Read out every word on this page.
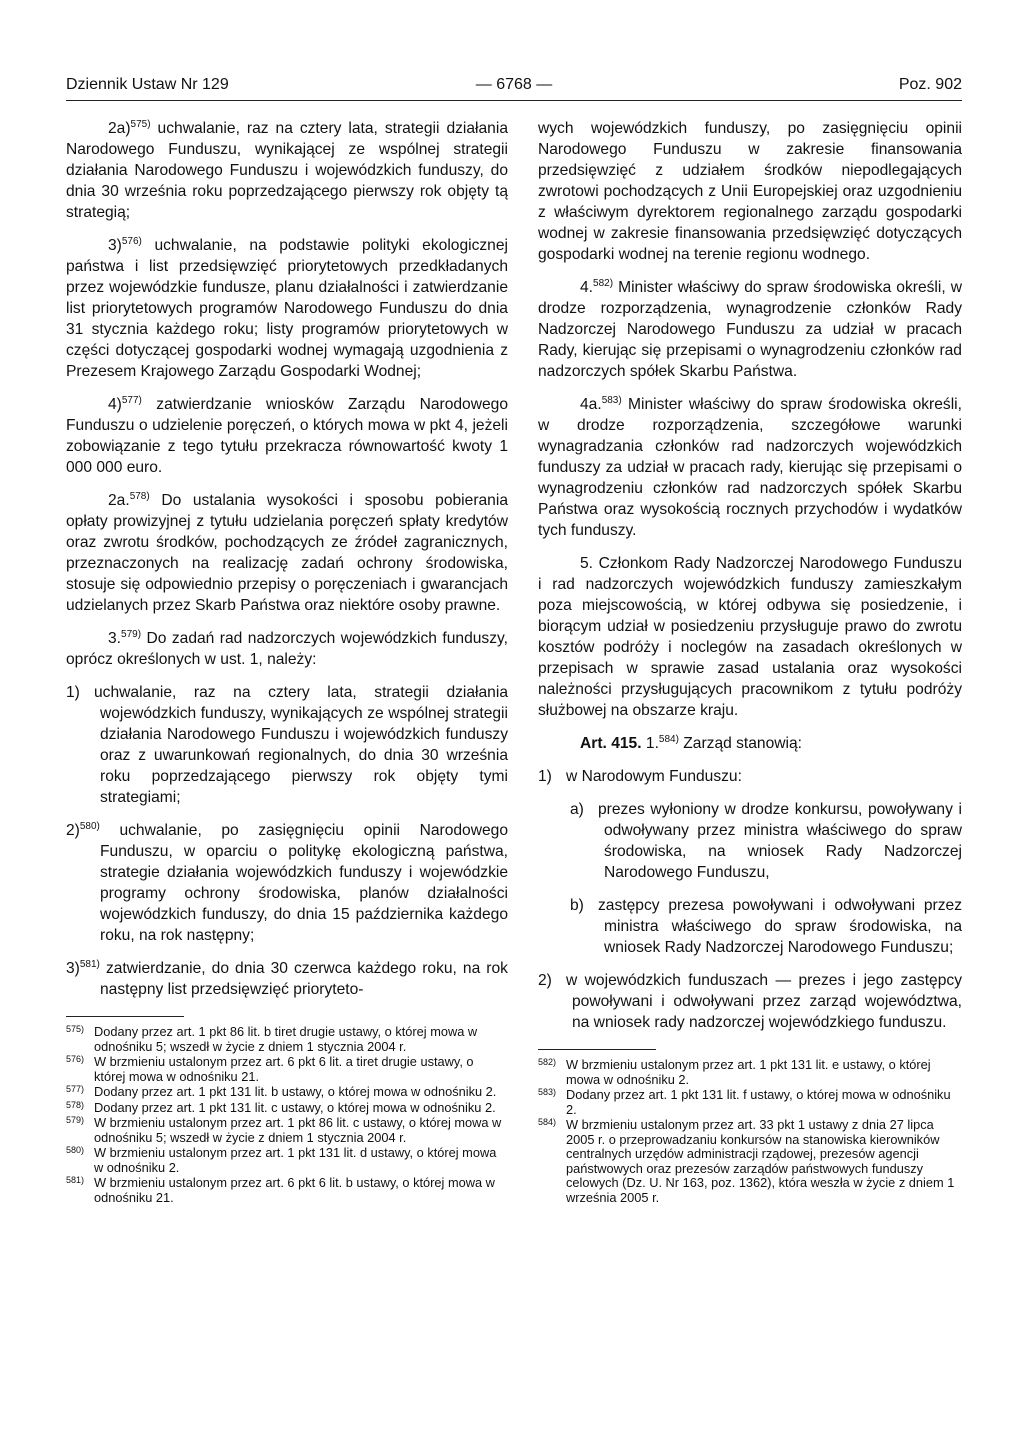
Dziennik Ustaw Nr 129	— 6768 —	Poz. 902

2a)$^{575)}$ uchwalanie, raz na cztery lata, strategii działania Narodowego Funduszu, wynikającej ze wspólnej strategii działania Narodowego Funduszu i wojewódzkich funduszy, do dnia 30 września roku poprzedzającego pierwszy rok objęty tą strategią;

3)$^{576)}$ uchwalanie, na podstawie polityki ekologicznej państwa i list przedsięwzięć priorytetowych przedkładanych przez wojewódzkie fundusze, planu działalności i zatwierdzanie list priorytetowych programów Narodowego Funduszu do dnia 31 stycznia każdego roku; listy programów priorytetowych w części dotyczącej gospodarki wodnej wymagają uzgodnienia z Prezesem Krajowego Zarządu Gospodarki Wodnej;

4)$^{577)}$ zatwierdzanie wniosków Zarządu Narodowego Funduszu o udzielenie poręczeń, o których mowa w pkt 4, jeżeli zobowiązanie z tego tytułu przekracza równowartość kwoty 1 000 000 euro.

2a.$^{578)}$ Do ustalania wysokości i sposobu pobierania opłaty prowizyjnej z tytułu udzielania poręczeń spłaty kredytów oraz zwrotu środków, pochodzących ze źródeł zagranicznych, przeznaczonych na realizację zadań ochrony środowiska, stosuje się odpowiednio przepisy o poręczeniach i gwarancjach udzielanych przez Skarb Państwa oraz niektóre osoby prawne.

3.$^{579)}$ Do zadań rad nadzorczych wojewódzkich funduszy, oprócz określonych w ust. 1, należy:

1) uchwalanie, raz na cztery lata, strategii działania wojewódzkich funduszy, wynikających ze wspólnej strategii działania Narodowego Funduszu i wojewódzkich funduszy oraz z uwarunkowań regionalnych, do dnia 30 września roku poprzedzającego pierwszy rok objęty tymi strategiami;

2)$^{580)}$ uchwalanie, po zasięgnięciu opinii Narodowego Funduszu, w oparciu o politykę ekologiczną państwa, strategie działania wojewódzkich funduszy i wojewódzkie programy ochrony środowiska, planów działalności wojewódzkich funduszy, do dnia 15 października każdego roku, na rok następny;

3)$^{581)}$ zatwierdzanie, do dnia 30 czerwca każdego roku, na rok następny list przedsięwzięć prioryteto-

$^{575)}$ Dodany przez art. 1 pkt 86 lit. b tiret drugie ustawy, o której mowa w odnośniku 5; wszedł w życie z dniem 1 stycznia 2004 r.

$^{576)}$ W brzmieniu ustalonym przez art. 6 pkt 6 lit. a tiret drugie ustawy, o której mowa w odnośniku 21.

$^{577)}$ Dodany przez art. 1 pkt 131 lit. b ustawy, o której mowa w odnośniku 2.

$^{578)}$ Dodany przez art. 1 pkt 131 lit. c ustawy, o której mowa w odnośniku 2.

$^{579)}$ W brzmieniu ustalonym przez art. 1 pkt 86 lit. c ustawy, o której mowa w odnośniku 5; wszedł w życie z dniem 1 stycznia 2004 r.

$^{580)}$ W brzmieniu ustalonym przez art. 1 pkt 131 lit. d ustawy, o której mowa w odnośniku 2.

$^{581)}$ W brzmieniu ustalonym przez art. 6 pkt 6 lit. b ustawy, o której mowa w odnośniku 21.

wych wojewódzkich funduszy, po zasięgnięciu opinii Narodowego Funduszu w zakresie finansowania przedsięwzięć z udziałem środków niepodlegających zwrotowi pochodzących z Unii Europejskiej oraz uzgodnieniu z właściwym dyrektorem regionalnego zarządu gospodarki wodnej w zakresie finansowania przedsięwzięć dotyczących gospodarki wodnej na terenie regionu wodnego.

4.$^{582)}$ Minister właściwy do spraw środowiska określi, w drodze rozporządzenia, wynagrodzenie członków Rady Nadzorczej Narodowego Funduszu za udział w pracach Rady, kierując się przepisami o wynagrodzeniu członków rad nadzorczych spółek Skarbu Państwa.

4a.$^{583)}$ Minister właściwy do spraw środowiska określi, w drodze rozporządzenia, szczegółowe warunki wynagradzania członków rad nadzorczych wojewódzkich funduszy za udział w pracach rady, kierując się przepisami o wynagrodzeniu członków rad nadzorczych spółek Skarbu Państwa oraz wysokością rocznych przychodów i wydatków tych funduszy.

5. Członkom Rady Nadzorczej Narodowego Funduszu i rad nadzorczych wojewódzkich funduszy zamieszkałym poza miejscowością, w której odbywa się posiedzenie, i biorącym udział w posiedzeniu przysługuje prawo do zwrotu kosztów podróży i noclegów na zasadach określonych w przepisach w sprawie zasad ustalania oraz wysokości należności przysługujących pracownikom z tytułu podróży służbowej na obszarze kraju.

Art. 415. 1.$^{584)}$ Zarząd stanowią:

1) w Narodowym Funduszu:

a) prezes wyłoniony w drodze konkursu, powoływany i odwoływany przez ministra właściwego do spraw środowiska, na wniosek Rady Nadzorczej Narodowego Funduszu,

b) zastępcy prezesa powoływani i odwoływani przez ministra właściwego do spraw środowiska, na wniosek Rady Nadzorczej Narodowego Funduszu;

2) w wojewódzkich funduszach — prezes i jego zastępcy powoływani i odwoływani przez zarząd województwa, na wniosek rady nadzorczej wojewódzkiego funduszu.

$^{582)}$ W brzmieniu ustalonym przez art. 1 pkt 131 lit. e ustawy, o której mowa w odnośniku 2.

$^{583)}$ Dodany przez art. 1 pkt 131 lit. f ustawy, o której mowa w odnośniku 2.

$^{584)}$ W brzmieniu ustalonym przez art. 33 pkt 1 ustawy z dnia 27 lipca 2005 r. o przeprowadzaniu konkursów na stanowiska kierowników centralnych urzędów administracji rządowej, prezesów agencji państwowych oraz prezesów zarządów państwowych funduszy celowych (Dz. U. Nr 163, poz. 1362), która weszła w życie z dniem 1 września 2005 r.
